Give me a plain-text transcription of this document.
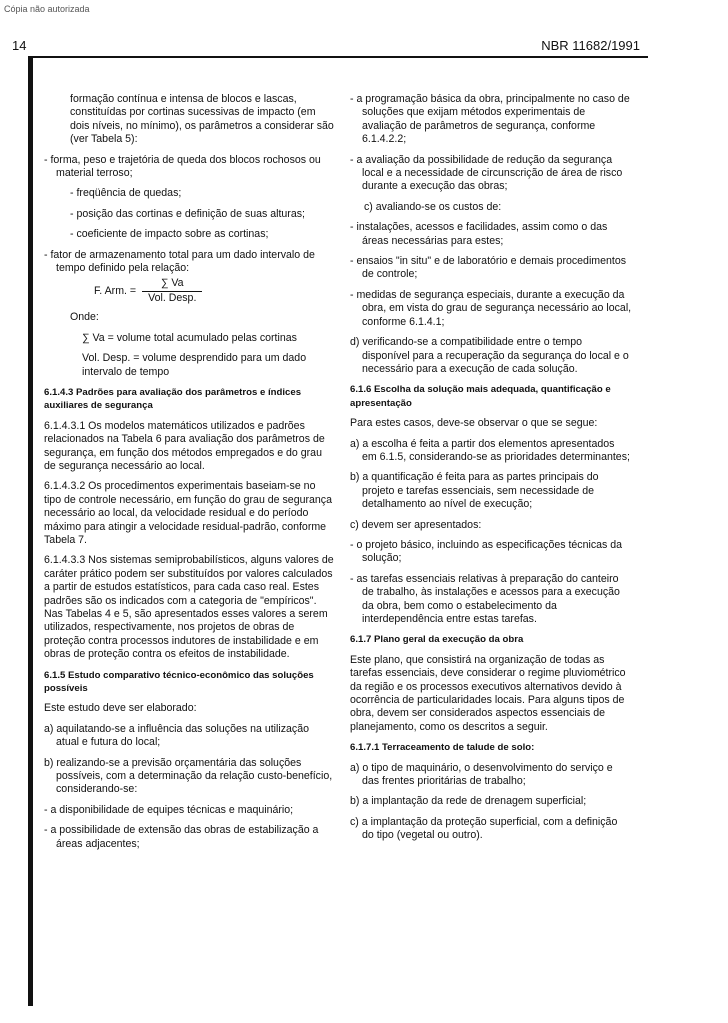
Cópia não autorizada
14	NBR 11682/1991

formação contínua e intensa de blocos e lascas, constituídas por cortinas sucessivas de impacto (em dois níveis, no mínimo), os parâmetros a considerar são (ver Tabela 5):

- forma, peso e trajetória de queda dos blocos rochosos ou material terroso;

- freqüência de quedas;

- posição das cortinas e definição de suas alturas;

- coeficiente de impacto sobre as cortinas;

- fator de armazenamento total para um dado intervalo de tempo definido pela relação:

F. Arm. = $\frac{\sum Va}{\text{Vol. Desp.}}$

Onde:

∑ Va = volume total acumulado pelas cortinas

Vol. Desp. = volume desprendido para um dado intervalo de tempo

6.1.4.3 Padrões para avaliação dos parâmetros e índices auxiliares de segurança

6.1.4.3.1 Os modelos matemáticos utilizados e padrões relacionados na Tabela 6 para avaliação dos parâmetros de segurança, em função dos métodos empregados e do grau de segurança necessário ao local.

6.1.4.3.2 Os procedimentos experimentais baseiam-se no tipo de controle necessário, em função do grau de segurança necessário ao local, da velocidade residual e do período máximo para atingir a velocidade residual-padrão, conforme Tabela 7.

6.1.4.3.3 Nos sistemas semiprobabilísticos, alguns valores de caráter prático podem ser substituídos por valores calculados a partir de estudos estatísticos, para cada caso real. Estes padrões são os indicados com a categoria de "empíricos". Nas Tabelas 4 e 5, são apresentados esses valores a serem utilizados, respectivamente, nos projetos de obras de proteção contra processos indutores de instabilidade e em obras de proteção contra os efeitos de instabilidade.

6.1.5 Estudo comparativo técnico-econômico das soluções possíveis

Este estudo deve ser elaborado:

a) aquilatando-se a influência das soluções na utilização atual e futura do local;

b) realizando-se a previsão orçamentária das soluções possíveis, com a determinação da relação custo-benefício, considerando-se:

- a disponibilidade de equipes técnicas e maquinário;

- a possibilidade de extensão das obras de estabilização a áreas adjacentes;

- a programação básica da obra, principalmente no caso de soluções que exijam métodos experimentais de avaliação de parâmetros de segurança, conforme 6.1.4.2.2;

- a avaliação da possibilidade de redução da segurança local e a necessidade de circunscrição de área de risco durante a execução das obras;

c) avaliando-se os custos de:

- instalações, acessos e facilidades, assim como o das áreas necessárias para estes;

- ensaios "in situ" e de laboratório e demais procedimentos de controle;

- medidas de segurança especiais, durante a execução da obra, em vista do grau de segurança necessário ao local, conforme 6.1.4.1;

d) verificando-se a compatibilidade entre o tempo disponível para a recuperação da segurança do local e o necessário para a execução de cada solução.

6.1.6 Escolha da solução mais adequada, quantificação e apresentação

Para estes casos, deve-se observar o que se segue:

a) a escolha é feita a partir dos elementos apresentados em 6.1.5, considerando-se as prioridades determinantes;

b) a quantificação é feita para as partes principais do projeto e tarefas essenciais, sem necessidade de detalhamento ao nível de execução;

c) devem ser apresentados:

- o projeto básico, incluindo as especificações técnicas da solução;

- as tarefas essenciais relativas à preparação do canteiro de trabalho, às instalações e acessos para a execução da obra, bem como o estabelecimento da interdependência entre estas tarefas.

6.1.7 Plano geral da execução da obra

Este plano, que consistirá na organização de todas as tarefas essenciais, deve considerar o regime pluviométrico da região e os processos executivos alternativos devido à ocorrência de particularidades locais. Para alguns tipos de obra, devem ser considerados aspectos essenciais de planejamento, como os descritos a seguir.

6.1.7.1 Terraceamento de talude de solo:

a) o tipo de maquinário, o desenvolvimento do serviço e das frentes prioritárias de trabalho;

b) a implantação da rede de drenagem superficial;

c) a implantação da proteção superficial, com a definição do tipo (vegetal ou outro).
